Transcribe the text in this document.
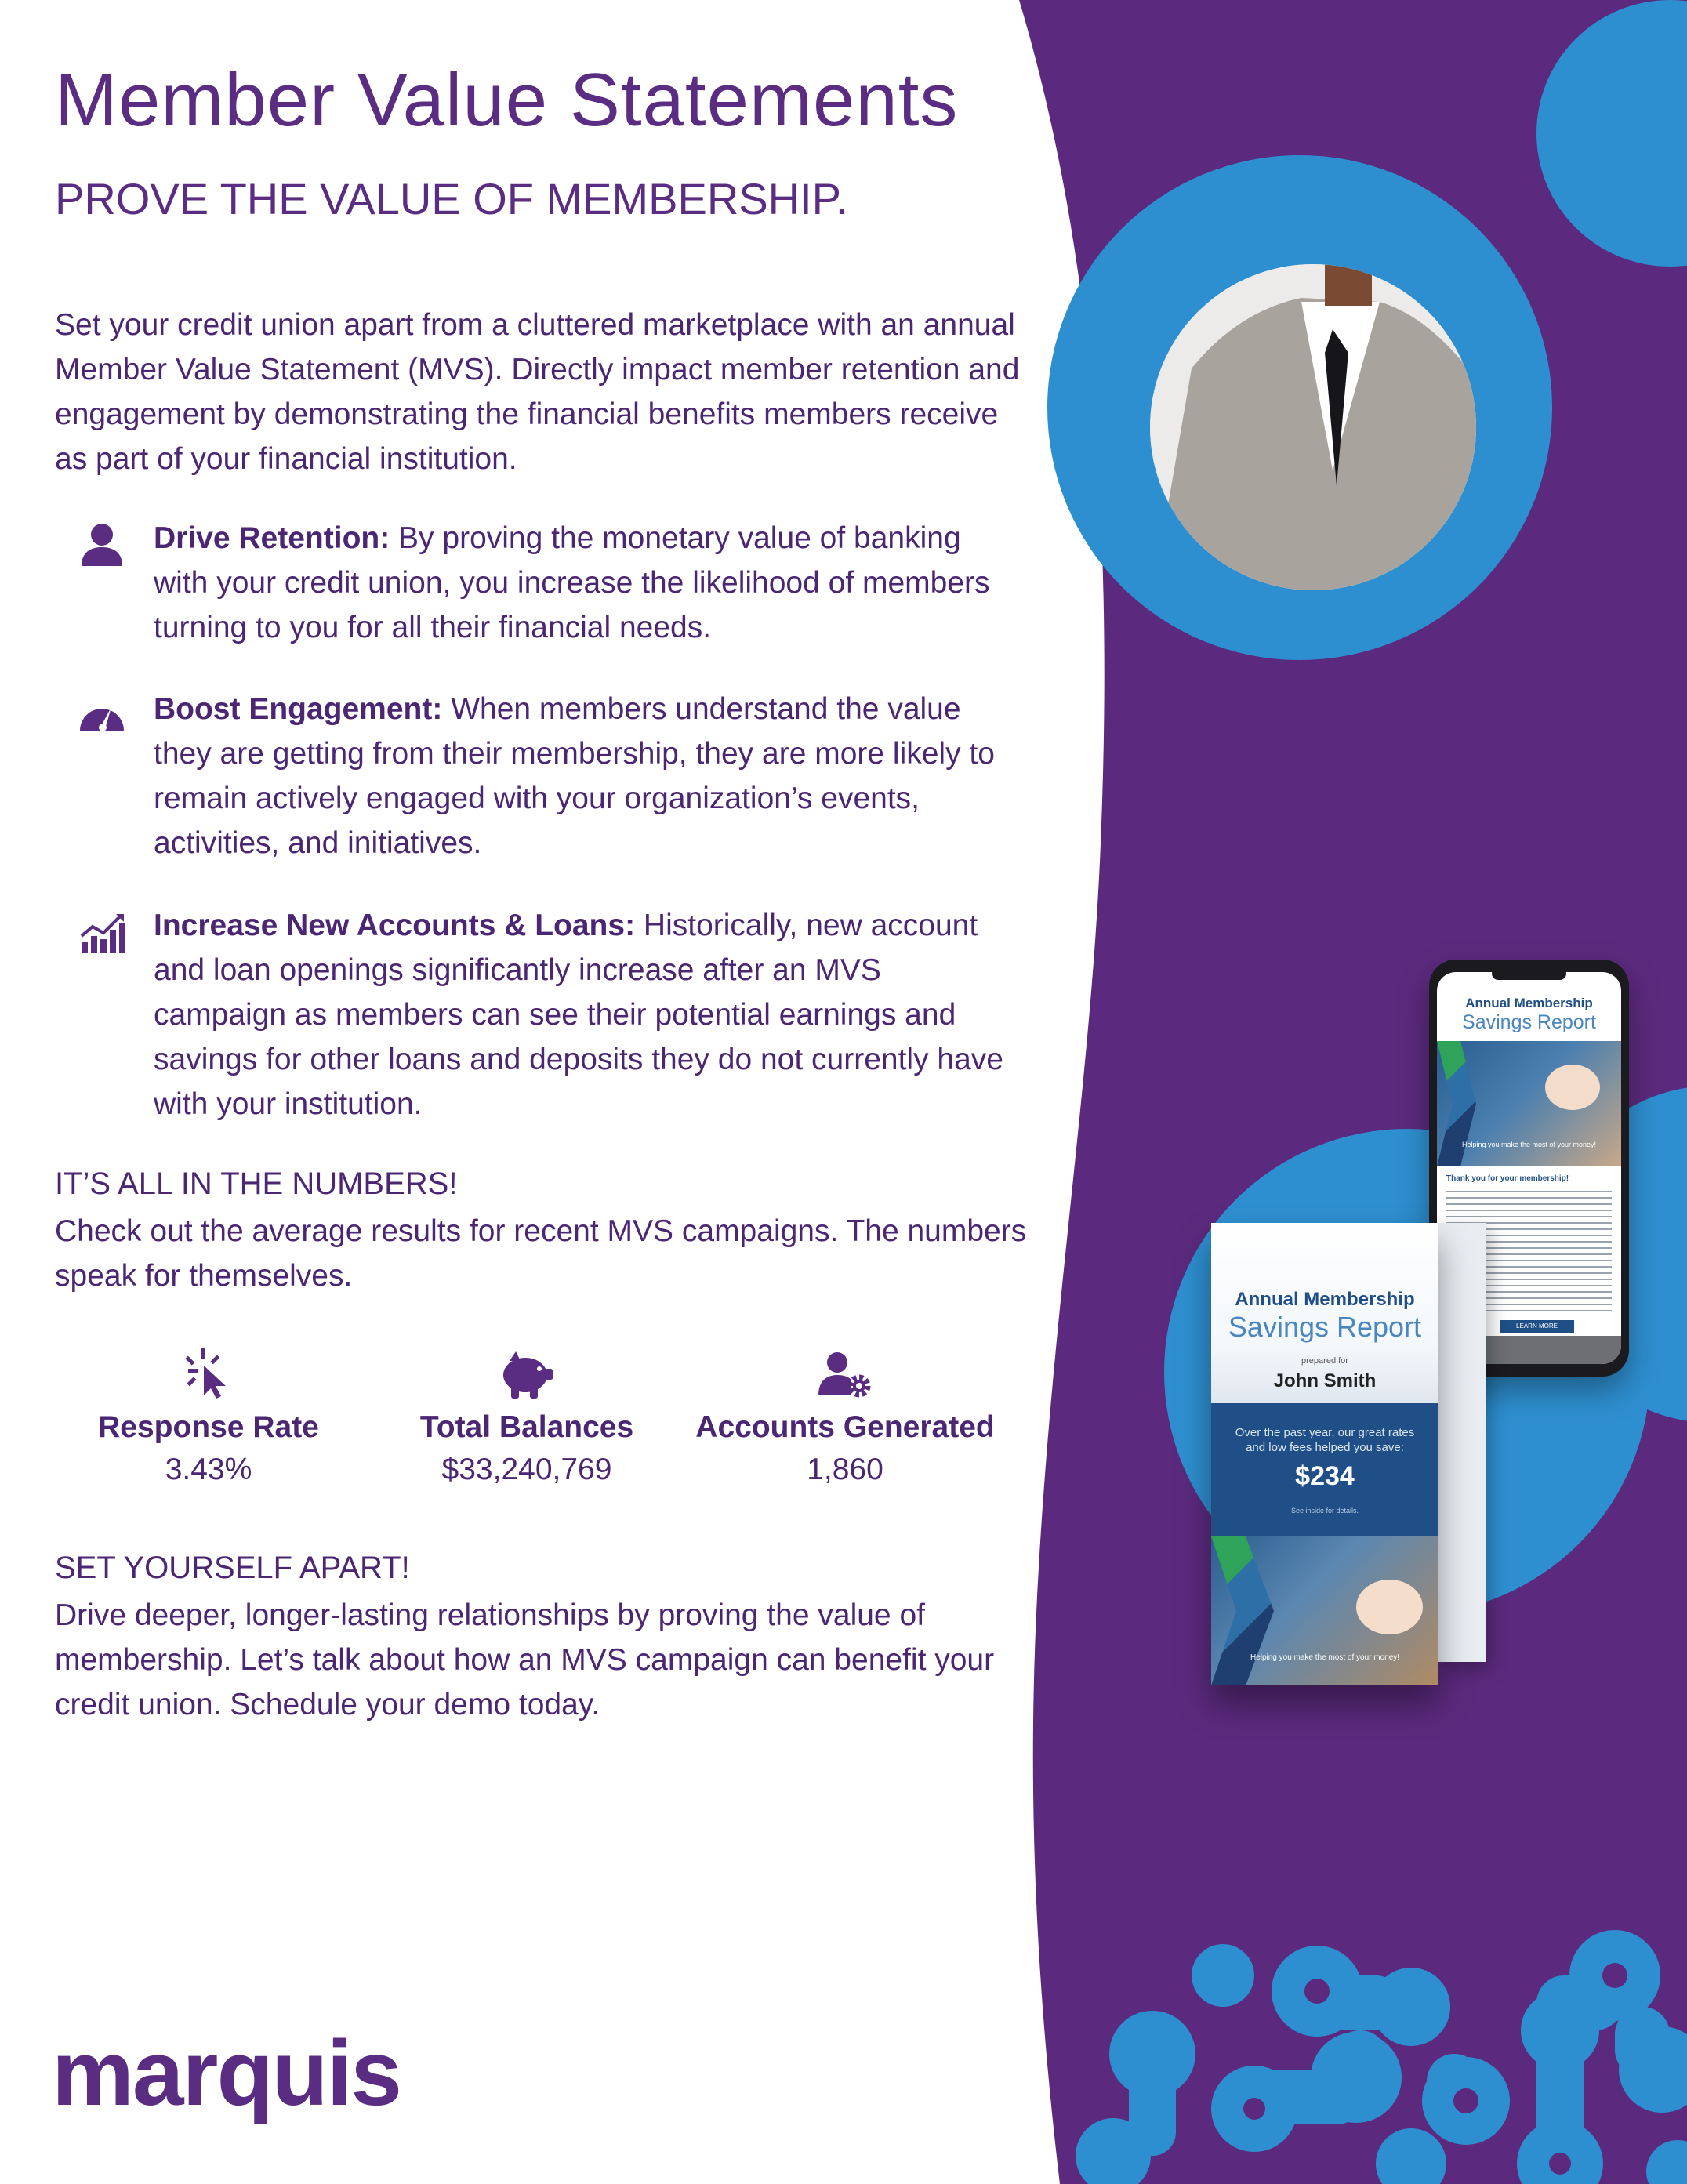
Member Value Statements
PROVE THE VALUE OF MEMBERSHIP.

Set your credit union apart from a cluttered marketplace with an annual Member Value Statement (MVS). Directly impact member retention and engagement by demonstrating the financial benefits members receive as part of your financial institution.

Drive Retention: By proving the monetary value of banking with your credit union, you increase the likelihood of members turning to you for all their financial needs.

Boost Engagement: When members understand the value they are getting from their membership, they are more likely to remain actively engaged with your organization’s events, activities, and initiatives.

Increase New Accounts & Loans: Historically, new account and loan openings significantly increase after an MVS campaign as members can see their potential earnings and savings for other loans and deposits they do not currently have with your institution.

IT’S ALL IN THE NUMBERS!

Check out the average results for recent MVS campaigns. The numbers speak for themselves.

Response Rate
3.43%
Total Balances
$33,240,769
Accounts Generated
1,860
SET YOURSELF APART!

Drive deeper, longer-lasting relationships by proving the value of membership. Let’s talk about how an MVS campaign can benefit your credit union. Schedule your demo today.

marquis
Annual Membership
Savings Report
Helping you make the most of your money!
Thank you for your membership!
LEARN MORE
Annual Membership
Savings Report
prepared for
John Smith
Over the past year, our great rates and low fees helped you save:
$234
See inside for details.
Helping you make the most of your money!
